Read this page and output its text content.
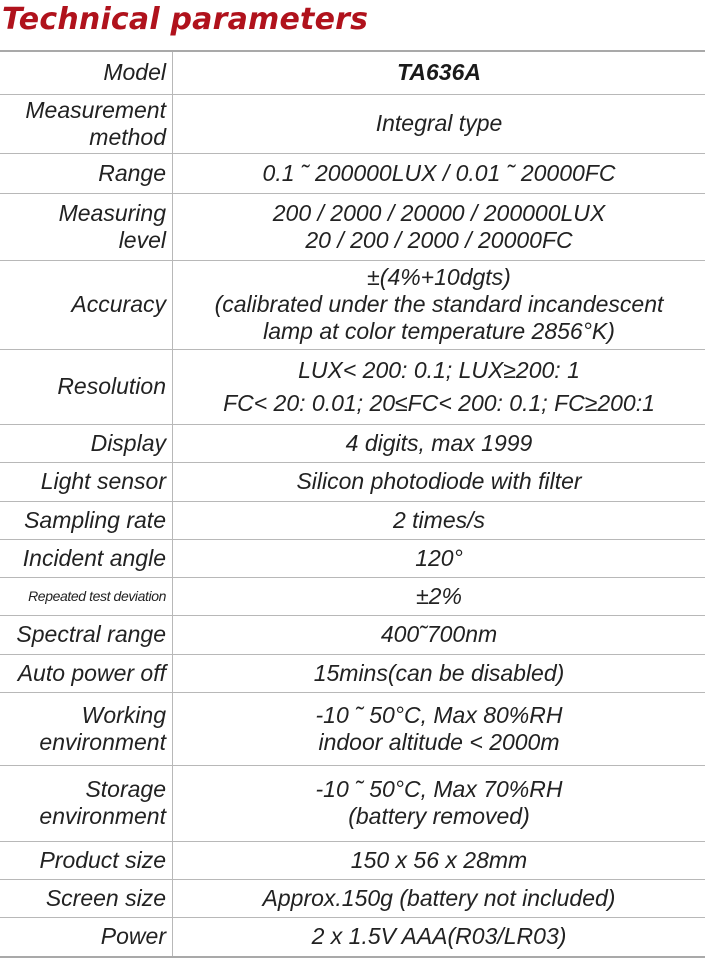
Technical parameters
Model	TA636A

Measurement
method	Integral type

Range	0.1 ˜ 200000LUX / 0.01 ˜ 20000FC

Measuring
level	200 / 2000 / 20000 / 200000LUX
20 / 200 / 2000 / 20000FC

Accuracy	±(4%+10dgts)
(calibrated under the standard incandescent
lamp at color temperature 2856°K)

Resolution	LUX< 200: 0.1; LUX≥200: 1
FC< 20: 0.01; 20≤FC< 200: 0.1; FC≥200:1

Display	4 digits, max 1999

Light sensor	Silicon photodiode with filter

Sampling rate	2 times/s

Incident angle	120°

Repeated test deviation	±2%

Spectral range	400˜700nm

Auto power off	15mins(can be disabled)

Working
environment	-10 ˜ 50°C, Max 80%RH
indoor altitude < 2000m

Storage
environment	-10 ˜ 50°C, Max 70%RH
(battery removed)

Product size	150 x 56 x 28mm

Screen size	Approx.150g (battery not included)

Power	2 x 1.5V AAA(R03/LR03)
